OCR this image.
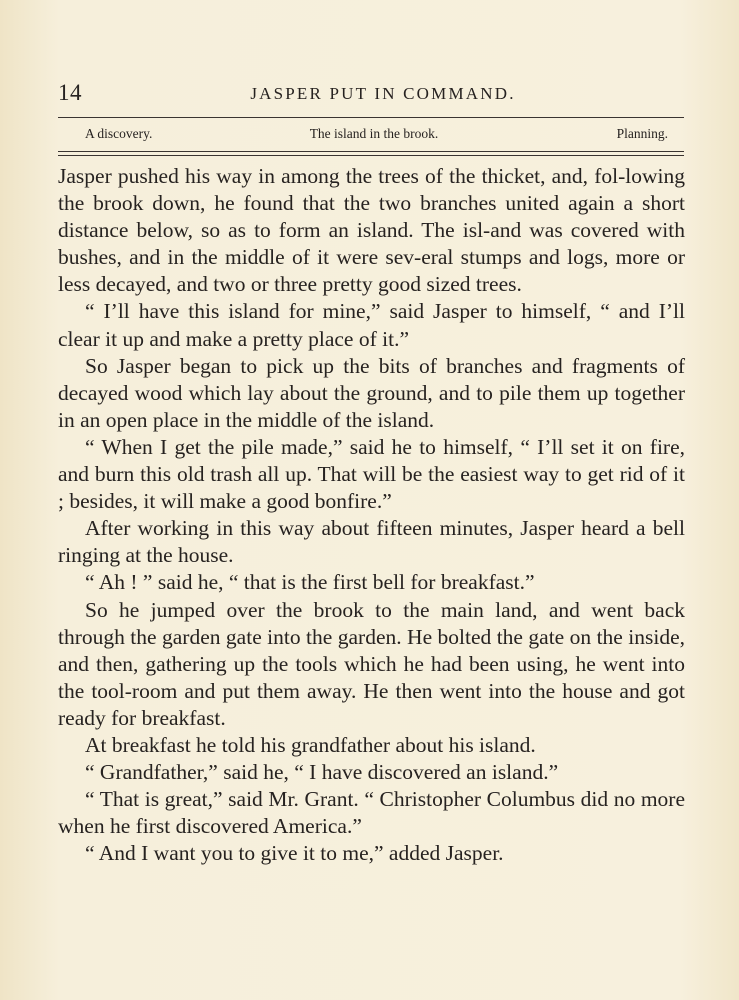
14	JASPER PUT IN COMMAND.
A discovery.	The island in the brook.	Planning.

Jasper pushed his way in among the trees of the thicket, and, fol-lowing the brook down, he found that the two branches united again a short distance below, so as to form an island. The isl-and was covered with bushes, and in the middle of it were sev-eral stumps and logs, more or less decayed, and two or three pretty good sized trees.

“ I’ll have this island for mine,” said Jasper to himself, “ and I’ll clear it up and make a pretty place of it.”

So Jasper began to pick up the bits of branches and fragments of decayed wood which lay about the ground, and to pile them up together in an open place in the middle of the island.

“ When I get the pile made,” said he to himself, “ I’ll set it on fire, and burn this old trash all up. That will be the easiest way to get rid of it ; besides, it will make a good bonfire.”

After working in this way about fifteen minutes, Jasper heard a bell ringing at the house.

“ Ah ! ” said he, “ that is the first bell for breakfast.”

So he jumped over the brook to the main land, and went back through the garden gate into the garden. He bolted the gate on the inside, and then, gathering up the tools which he had been using, he went into the tool-room and put them away. He then went into the house and got ready for breakfast.

At breakfast he told his grandfather about his island.

“ Grandfather,” said he, “ I have discovered an island.”

“ That is great,” said Mr. Grant. “ Christopher Columbus did no more when he first discovered America.”

“ And I want you to give it to me,” added Jasper.
